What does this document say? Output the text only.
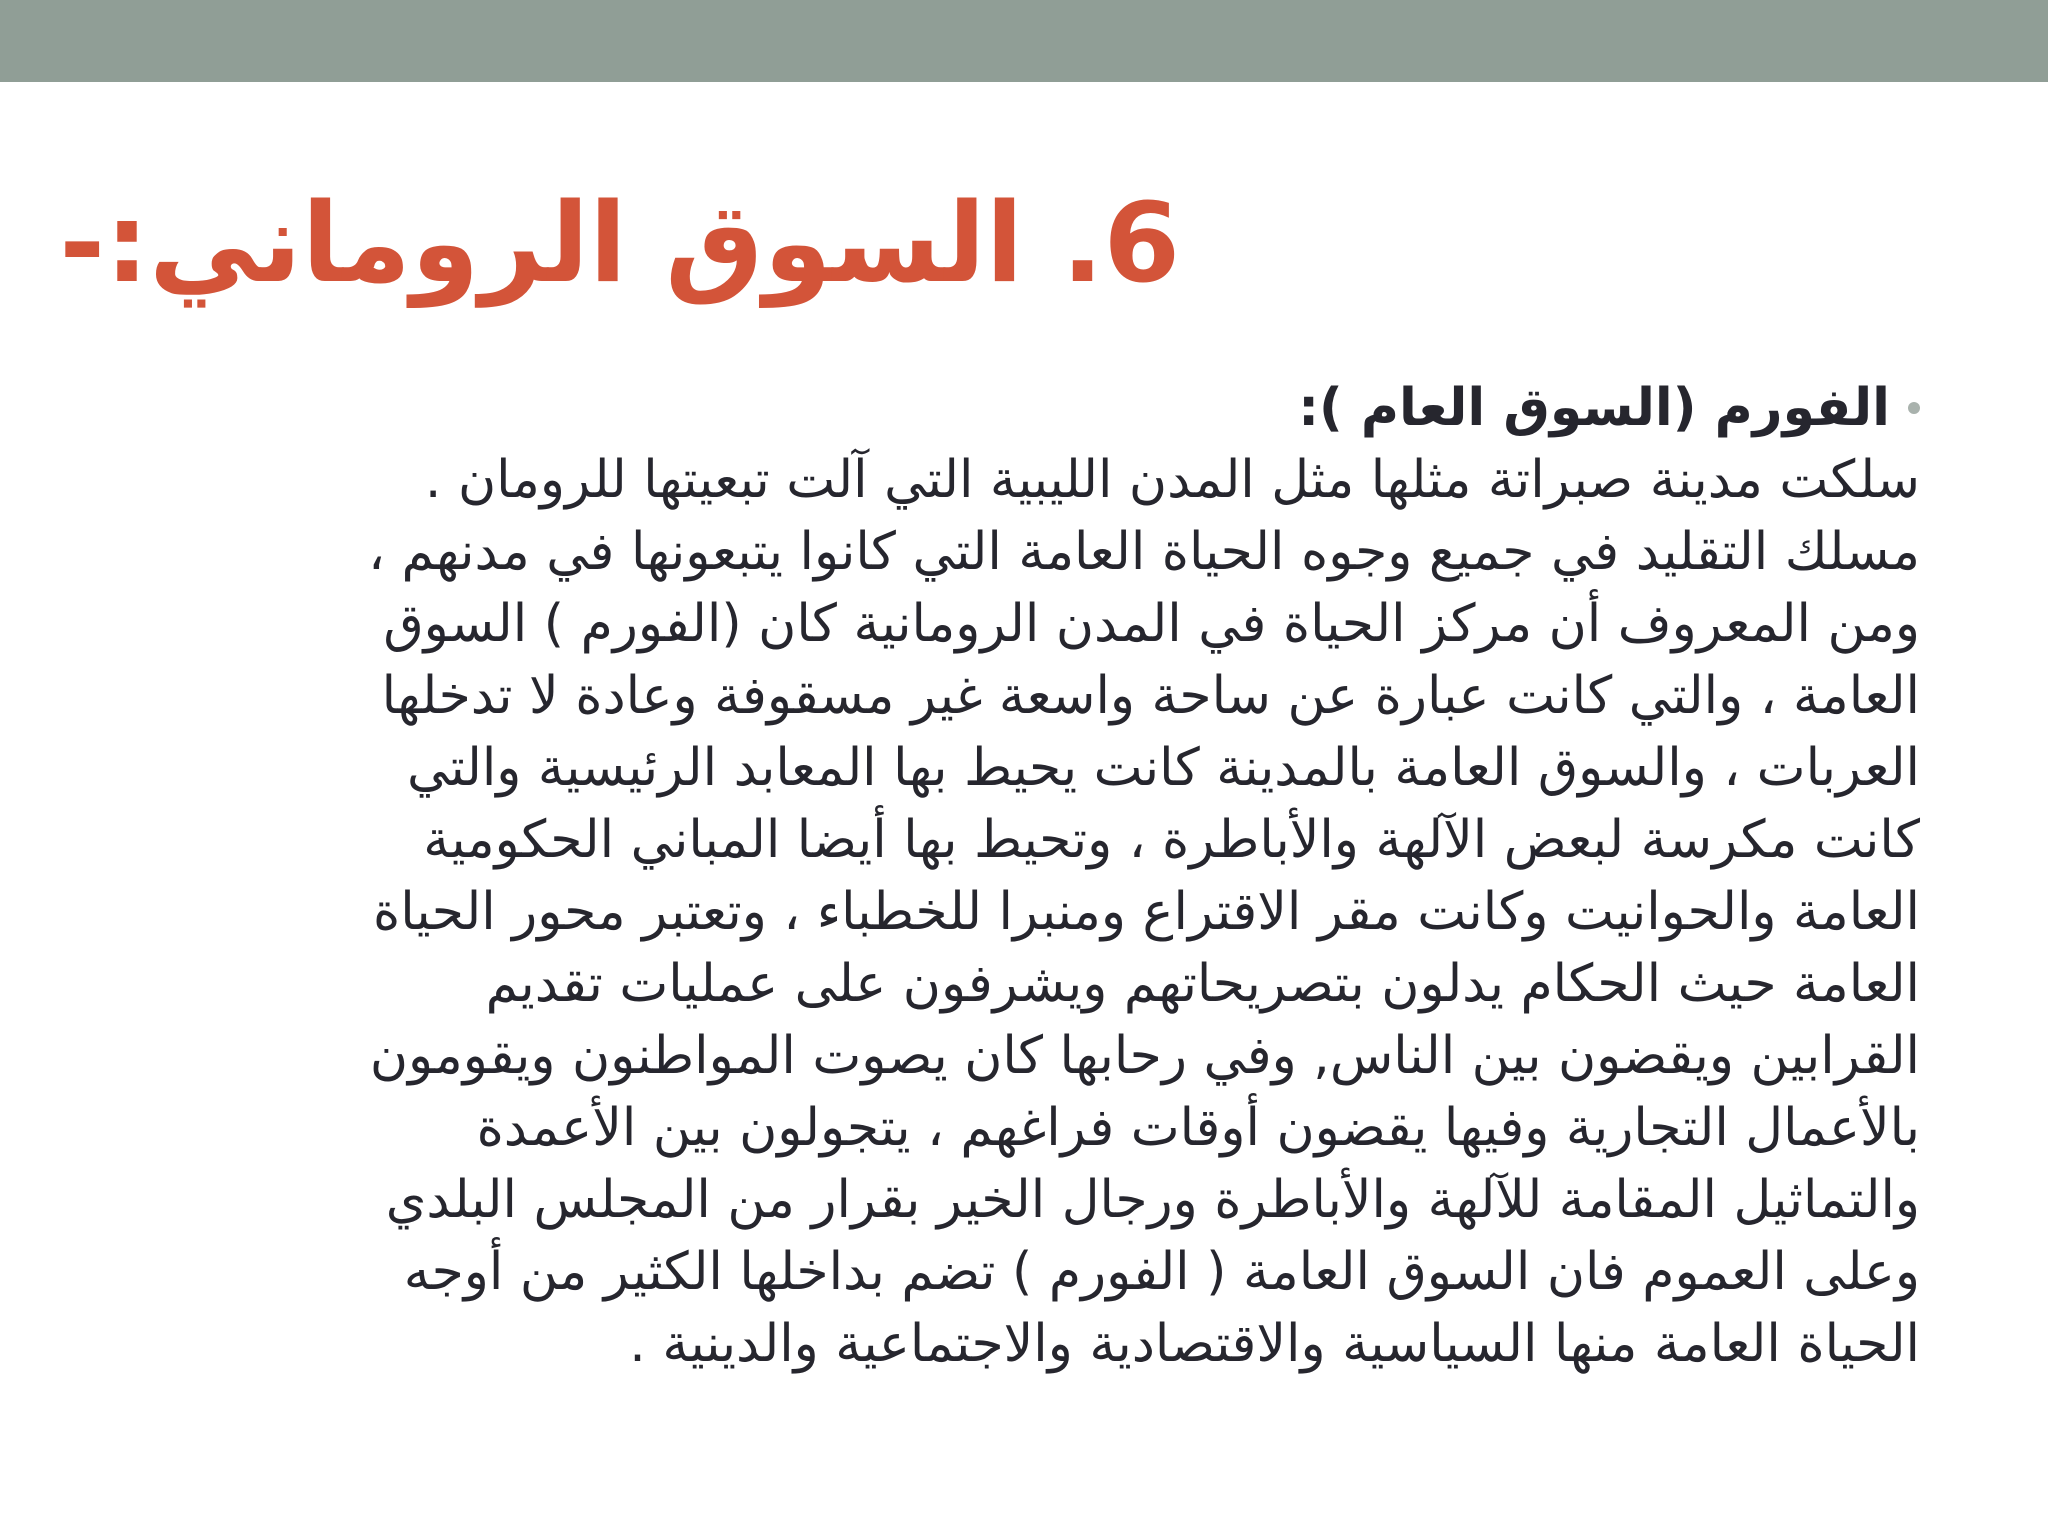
6. السوق الروماني:-
الفورم (السوق العام ):
سلكت مدينة صبراتة مثلها مثل المدن الليبية التي آلت تبعيتها للرومان .
مسلك التقليد في جميع وجوه الحياة العامة التي كانوا يتبعونها في مدنهم ،
ومن المعروف أن مركز الحياة في المدن الرومانية كان (الفورم ) السوق
العامة ، والتي كانت عبارة عن ساحة واسعة غير مسقوفة وعادة لا تدخلها
العربات ، والسوق العامة بالمدينة كانت يحيط بها المعابد الرئيسية والتي
كانت مكرسة لبعض الآلهة والأباطرة ، وتحيط بها أيضا المباني الحكومية
العامة والحوانيت وكانت مقر الاقتراع ومنبرا للخطباء ، وتعتبر محور الحياة
العامة حيث الحكام يدلون بتصريحاتهم ويشرفون على عمليات تقديم
القرابين ويقضون بين الناس, وفي رحابها كان يصوت المواطنون ويقومون
بالأعمال التجارية وفيها يقضون أوقات فراغهم ، يتجولون بين الأعمدة
والتماثيل المقامة للآلهة والأباطرة ورجال الخير بقرار من المجلس البلدي
وعلى العموم فان السوق العامة ( الفورم ) تضم بداخلها الكثير من أوجه
الحياة العامة منها السياسية والاقتصادية والاجتماعية والدينية .
